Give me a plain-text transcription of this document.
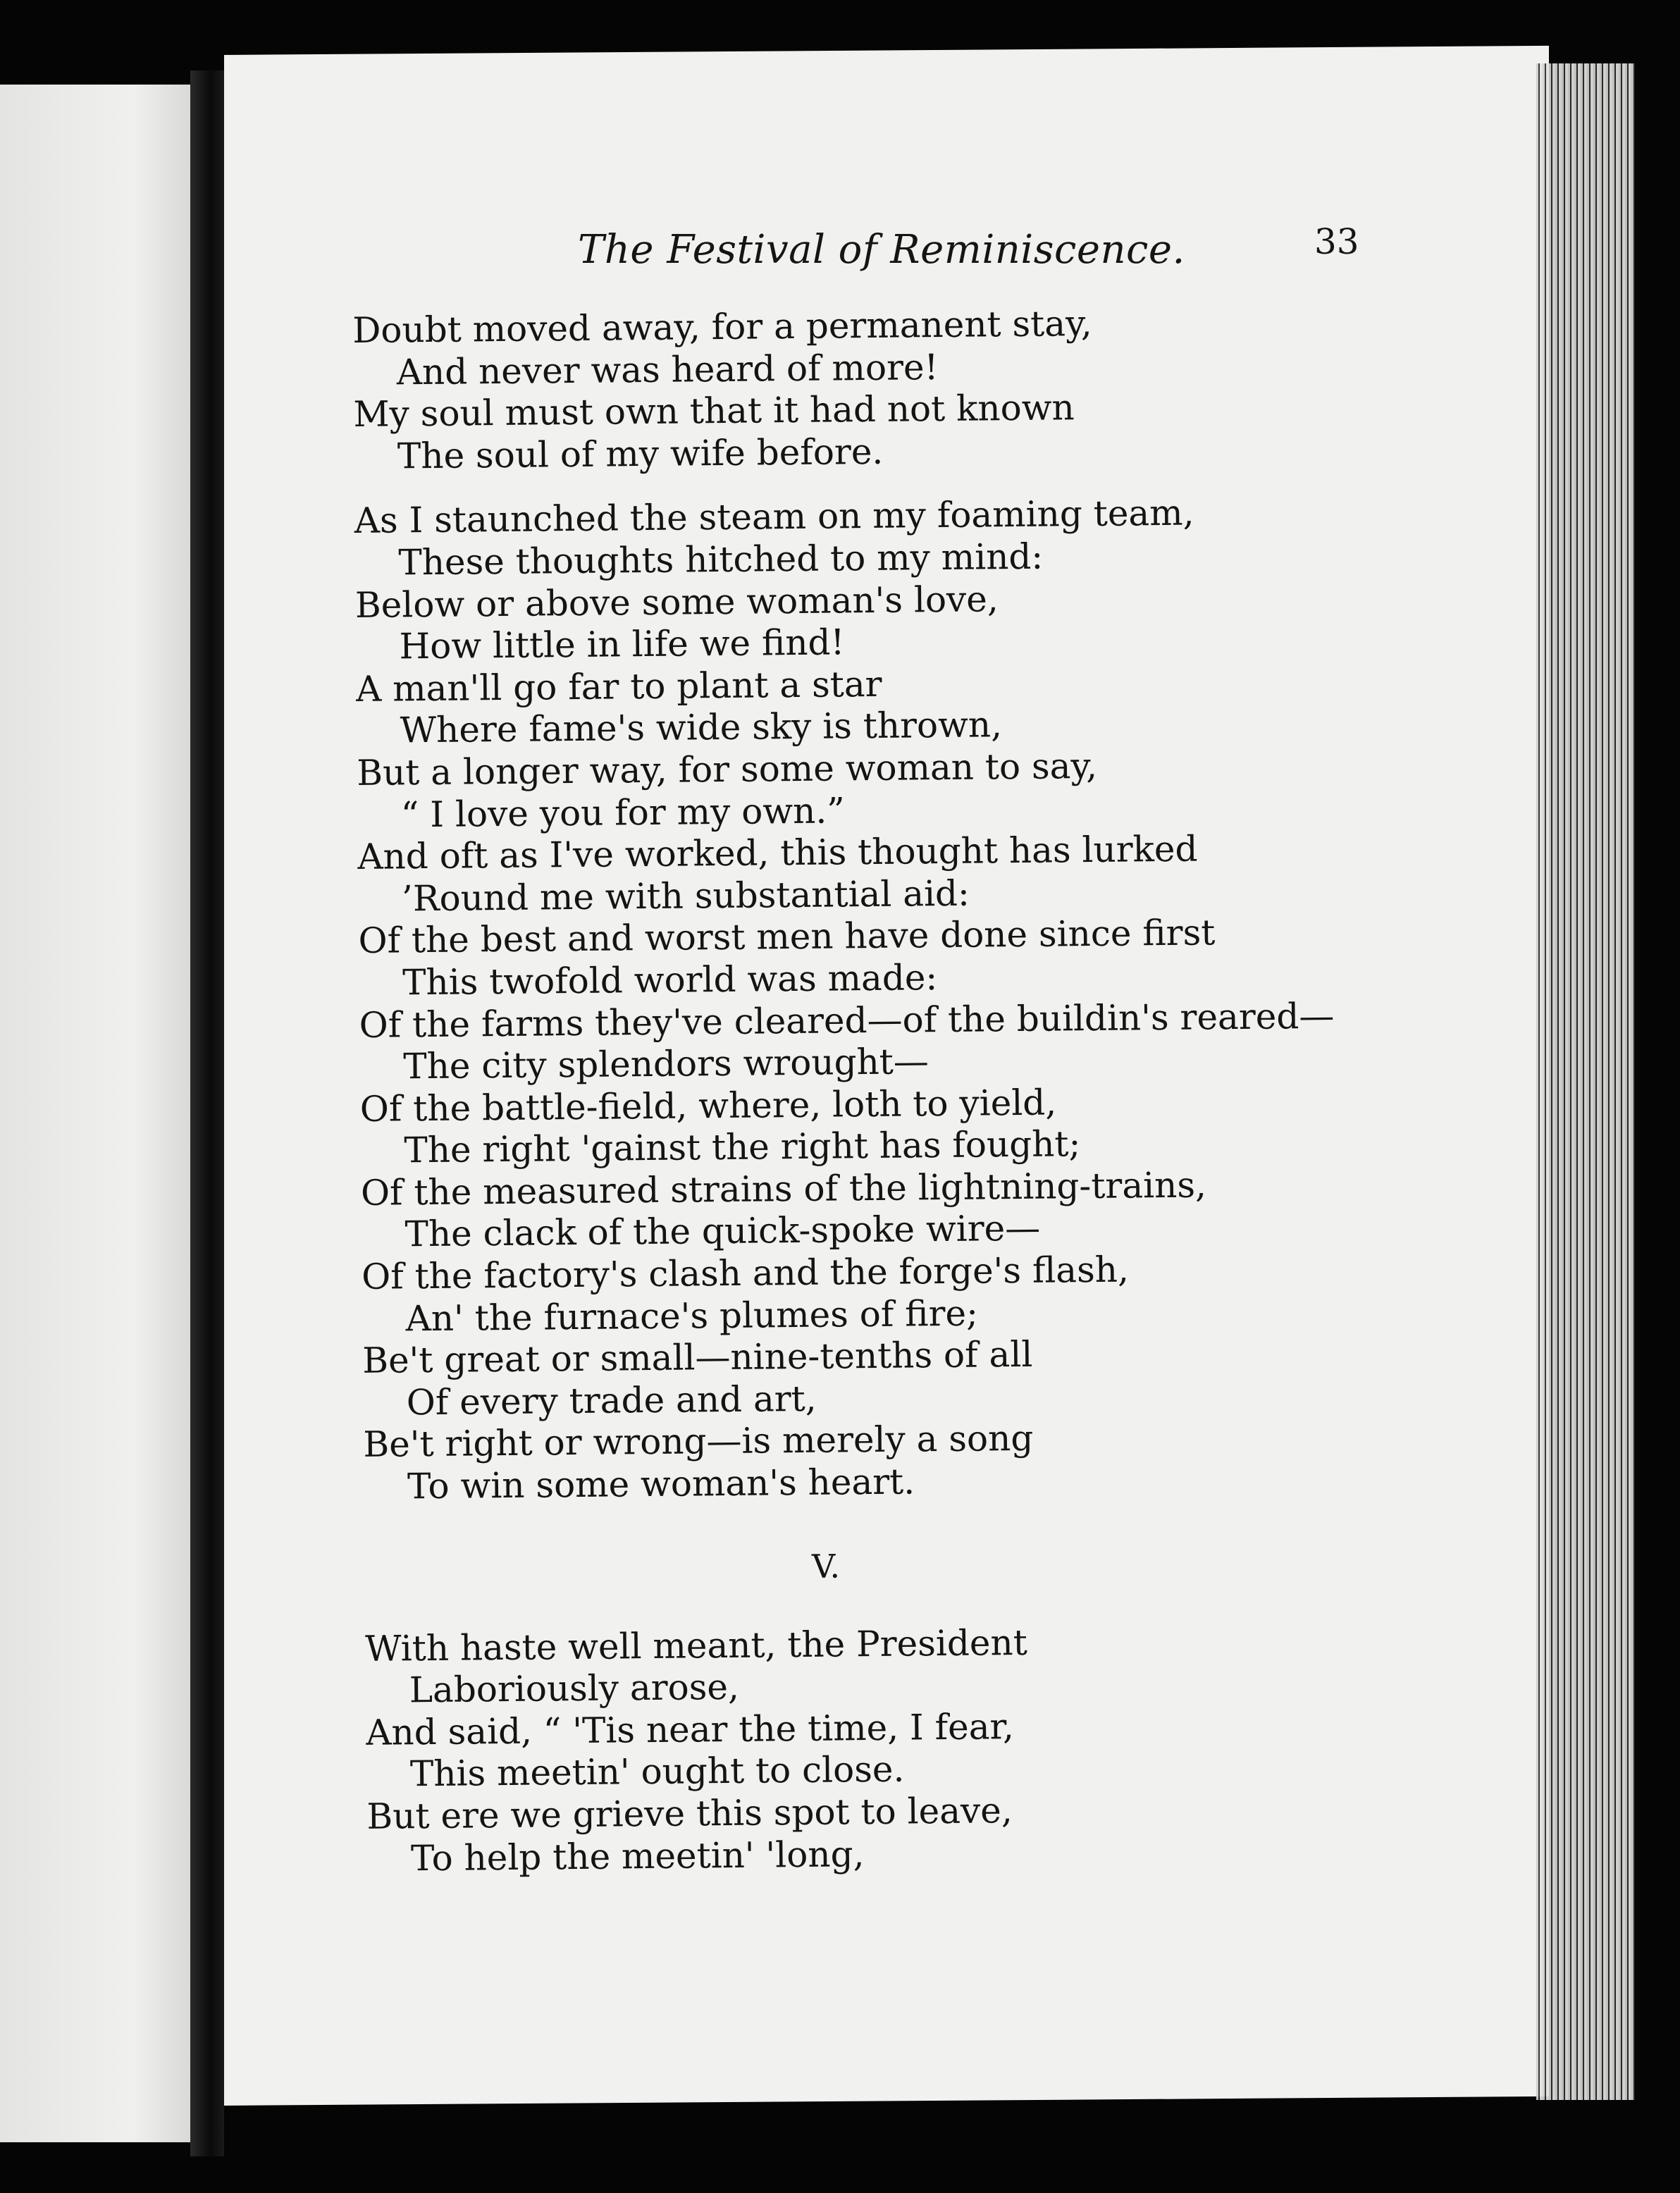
The Festival of Reminiscence.	33
Doubt moved away, for a permanent stay,
And never was heard of more!
My soul must own that it had not known
The soul of my wife before.
As I staunched the steam on my foaming team,
These thoughts hitched to my mind:
Below or above some woman's love,
How little in life we find!
A man'll go far to plant a star
Where fame's wide sky is thrown,
But a longer way, for some woman to say,
“ I love you for my own.”
And oft as I've worked, this thought has lurked
’Round me with substantial aid:
Of the best and worst men have done since first
This twofold world was made:
Of the farms they've cleared—of the buildin's reared—
The city splendors wrought—
Of the battle-field, where, loth to yield,
The right 'gainst the right has fought;
Of the measured strains of the lightning-trains,
The clack of the quick-spoke wire—
Of the factory's clash and the forge's flash,
An' the furnace's plumes of fire;
Be't great or small—nine-tenths of all
Of every trade and art,
Be't right or wrong—is merely a song
To win some woman's heart.
V.
With haste well meant, the President
Laboriously arose,
And said, “ 'Tis near the time, I fear,
This meetin' ought to close.
But ere we grieve this spot to leave,
To help the meetin' 'long,
